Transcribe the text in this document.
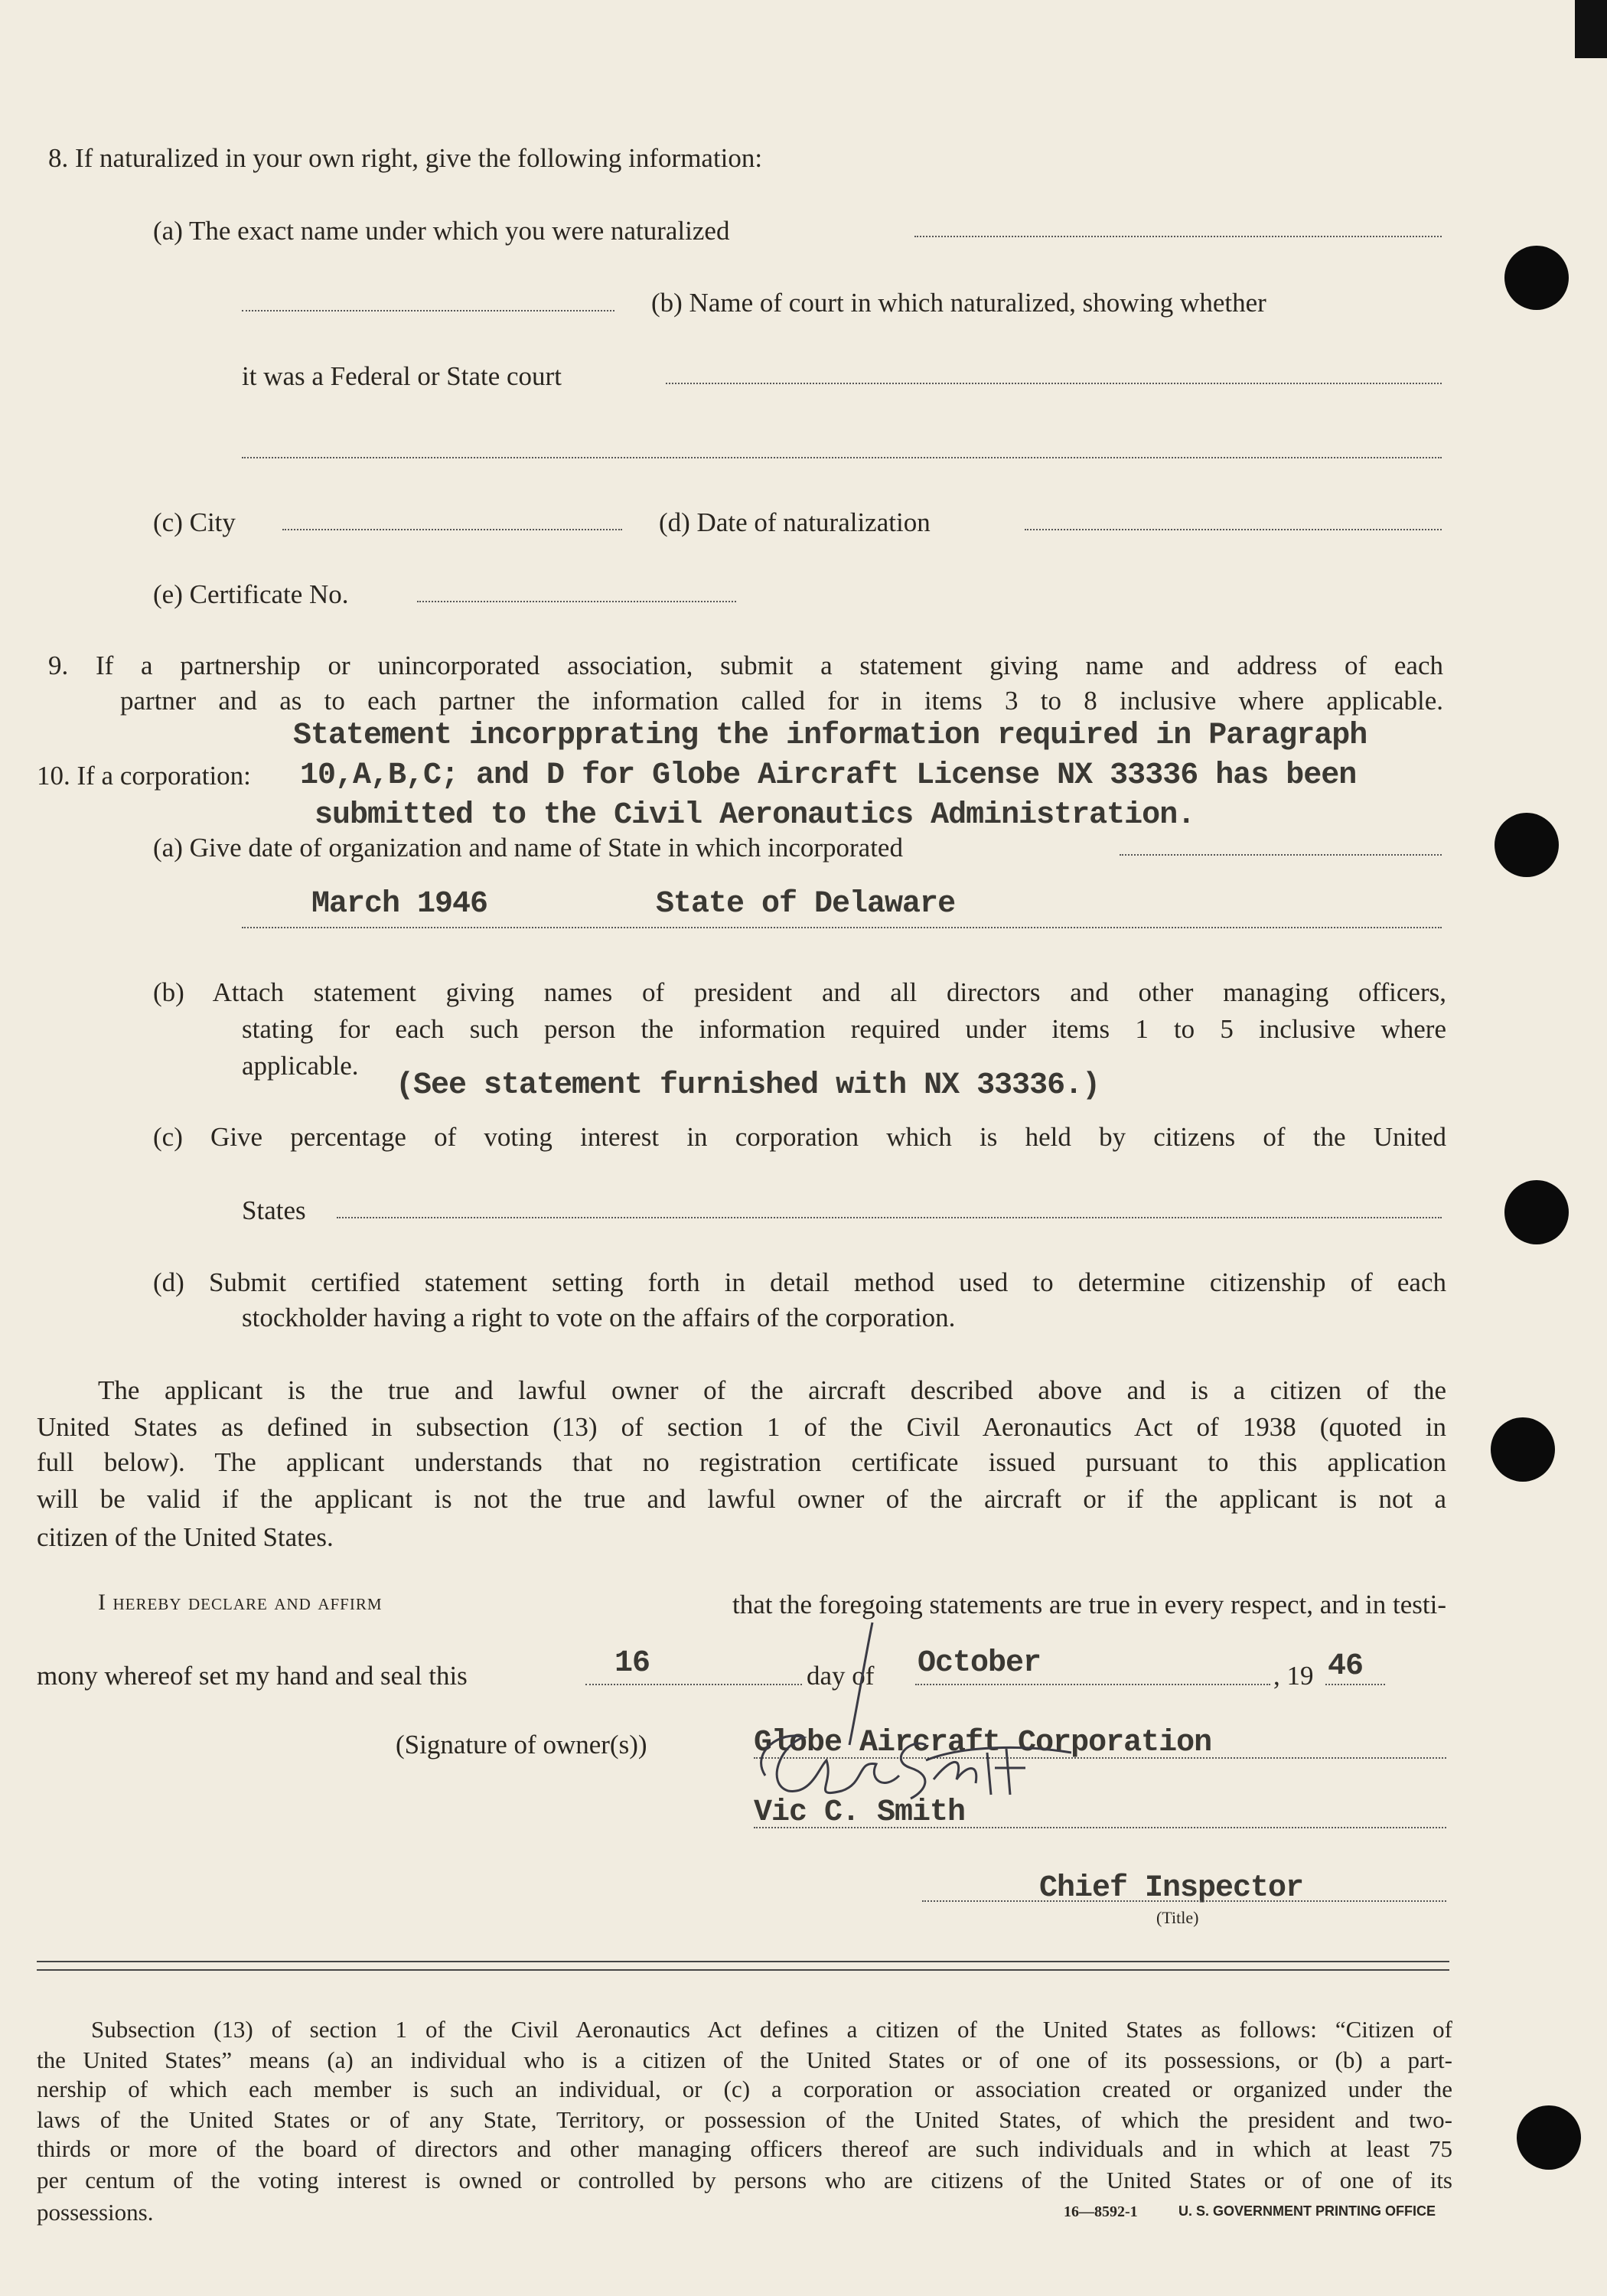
8. If naturalized in your own right, give the following information:
(a) The exact name under which you were naturalized
(b) Name of court in which naturalized, showing whether
it was a Federal or State court
(c) City	(d) Date of naturalization
(e) Certificate No.
9. If a partnership or unincorporated association, submit a statement giving name and address of each
partner and as to each partner the information called for in items 3 to 8 inclusive where applicable.
Statement incorpprating the information required in Paragraph
10. If a corporation: 10,A,B,C; and D for Globe Aircraft License NX 33336 has been
submitted to the Civil Aeronautics Administration.
(a) Give date of organization and name of State in which incorporated
March 1946	State of Delaware
(b) Attach statement giving names of president and all directors and other managing officers,
stating for each such person the information required under items 1 to 5 inclusive where
applicable.
(See statement furnished with NX 33336.)
(c) Give percentage of voting interest in corporation which is held by citizens of the United
States
(d) Submit certified statement setting forth in detail method used to determine citizenship of each
stockholder having a right to vote on the affairs of the corporation.
The applicant is the true and lawful owner of the aircraft described above and is a citizen of the
United States as defined in subsection (13) of section 1 of the Civil Aeronautics Act of 1938 (quoted in
full below). The applicant understands that no registration certificate issued pursuant to this application
will be valid if the applicant is not the true and lawful owner of the aircraft or if the applicant is not a
citizen of the United States.
I hereby declare and affirm	that the foregoing statements are true in every respect, and in testi-
mony whereof set my hand and seal this	16	day of October	, 19 46
(Signature of owner(s))	Globe Aircraft Corporation
Vic C. Smith
Chief Inspector
(Title)
Subsection (13) of section 1 of the Civil Aeronautics Act defines a citizen of the United States as follows: “Citizen of
the United States” means (a) an individual who is a citizen of the United States or of one of its possessions, or (b) a part-
nership of which each member is such an individual, or (c) a corporation or association created or organized under the
laws of the United States or of any State, Territory, or possession of the United States, of which the president and two-
thirds or more of the board of directors and other managing officers thereof are such individuals and in which at least 75
per centum of the voting interest is owned or controlled by persons who are citizens of the United States or of one of its
possessions.	16—8592-1	U. S. GOVERNMENT PRINTING OFFICE
